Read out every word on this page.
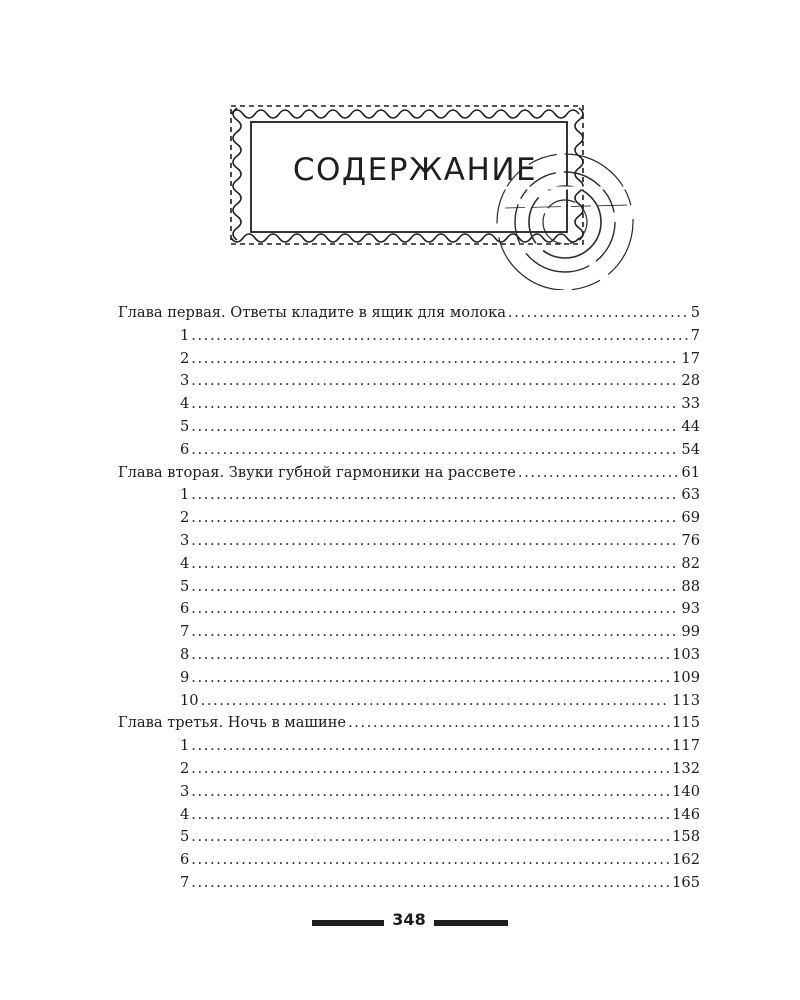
СОДЕРЖАНИЕ
Глава первая. Ответы кладите в ящик для молока .....	5
1 .....	7
2 .....	17
3 .....	28
4 .....	33
5 .....	44
6 .....	54
Глава вторая. Звуки губной гармоники на рассвете .....	61
1 .....	63
2 .....	69
3 .....	76
4 .....	82
5 .....	88
6 .....	93
7 .....	99
8 .....	103
9 .....	109
10 .....	113
Глава третья. Ночь в машине .....	115
1 .....	117
2 .....	132
3 .....	140
4 .....	146
5 .....	158
6 .....	162
7 .....	165
348
